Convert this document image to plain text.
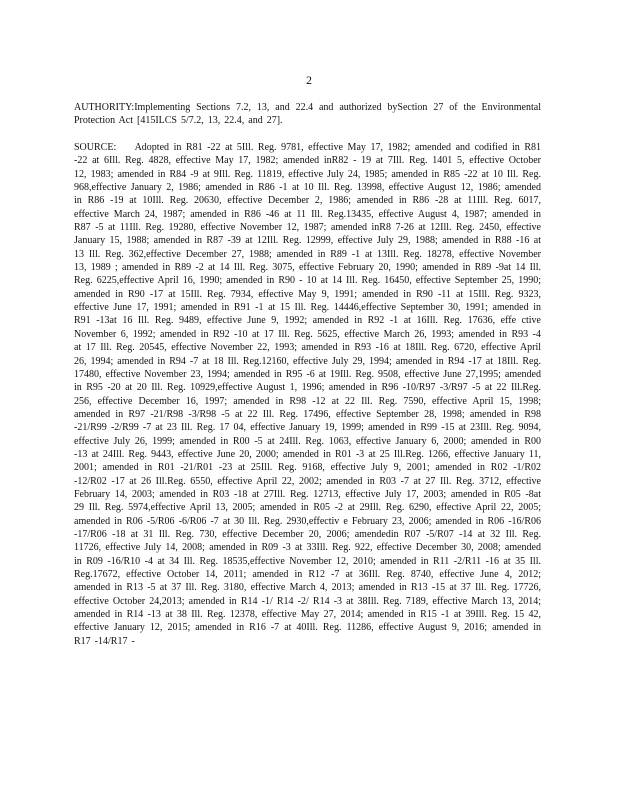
2
AUTHORITY:Implementing Sections 7.2, 13, and 22.4 and authorized bySection 27 of the Environmental Protection Act [415ILCS 5/7.2, 13, 22.4, and 27].
SOURCE: Adopted in R81 -22 at 5Ill. Reg. 9781, effective May 17, 1982; amended and codified in R81 -22 at 6Ill. Reg. 4828, effective May 17, 1982; amended inR82 - 19 at 7Ill. Reg. 1401 5, effective October 12, 1983; amended in R84 -9 at 9Ill. Reg. 11819, effective July 24, 1985; amended in R85 -22 at 10 Ill. Reg. 968,effective January 2, 1986; amended in R86 -1 at 10 Ill. Reg. 13998, effective August 12, 1986; amended in R86 -19 at 10Ill. Reg. 20630, effective December 2, 1986; amended in R86 -28 at 11Ill. Reg. 6017, effective March 24, 1987; amended in R86 -46 at 11 Ill. Reg.13435, effective August 4, 1987; amended in R87 -5 at 11Ill. Reg. 19280, effective November 12, 1987; amended inR8 7-26 at 12Ill. Reg. 2450, effective January 15, 1988; amended in R87 -39 at 12Ill. Reg. 12999, effective July 29, 1988; amended in R88 -16 at 13 Ill. Reg. 362,effective December 27, 1988; amended in R89 -1 at 13Ill. Reg. 18278, effective November 13, 1989 ; amended in R89 -2 at 14 Ill. Reg. 3075, effective February 20, 1990; amended in R89 -9at 14 Ill. Reg. 6225,effective April 16, 1990; amended in R90 - 10 at 14 Ill. Reg. 16450, effective September 25, 1990; amended in R90 -17 at 15Ill. Reg. 7934, effective May 9, 1991; amended in R90 -11 at 15Ill. Reg. 9323, effective June 17, 1991; amended in R91 -1 at 15 Ill. Reg. 14446,effective September 30, 1991; amended in R91 -13at 16 Ill. Reg. 9489, effective June 9, 1992; amended in R92 -1 at 16Ill. Reg. 17636, effe ctive November 6, 1992; amended in R92 -10 at 17 Ill. Reg. 5625, effective March 26, 1993; amended in R93 -4 at 17 Ill. Reg. 20545, effective November 22, 1993; amended in R93 -16 at 18Ill. Reg. 6720, effective April 26, 1994; amended in R94 -7 at 18 Ill. Reg.12160, effective July 29, 1994; amended in R94 -17 at 18Ill. Reg. 17480, effective November 23, 1994; amended in R95 -6 at 19Ill. Reg. 9508, effective June 27,1995; amended in R95 -20 at 20 Ill. Reg. 10929,effective August 1, 1996; amended in R96 -10/R97 -3/R97 -5 at 22 Ill.Reg. 256, effective December 16, 1997; amended in R98 -12 at 22 Ill. Reg. 7590, effective April 15, 1998; amended in R97 -21/R98 -3/R98 -5 at 22 Ill. Reg. 17496, effective September 28, 1998; amended in R98 -21/R99 -2/R99 -7 at 23 Ill. Reg. 17 04, effective January 19, 1999; amended in R99 -15 at 23Ill. Reg. 9094, effective July 26, 1999; amended in R00 -5 at 24Ill. Reg. 1063, effective January 6, 2000; amended in R00 -13 at 24Ill. Reg. 9443, effective June 20, 2000; amended in R01 -3 at 25 Ill.Reg. 1266, effective January 11, 2001; amended in R01 -21/R01 -23 at 25Ill. Reg. 9168, effective July 9, 2001; amended in R02 -1/R02 -12/R02 -17 at 26 Ill.Reg. 6550, effective April 22, 2002; amended in R03 -7 at 27 Ill. Reg. 3712, effective February 14, 2003; amended in R03 -18 at 27Ill. Reg. 12713, effective July 17, 2003; amended in R05 -8at 29 Ill. Reg. 5974,effective April 13, 2005; amended in R05 -2 at 29Ill. Reg. 6290, effective April 22, 2005; amended in R06 -5/R06 -6/R06 -7 at 30 Ill. Reg. 2930,effectiv e February 23, 2006; amended in R06 -16/R06 -17/R06 -18 at 31 Ill. Reg. 730, effective December 20, 2006; amendedin R07 -5/R07 -14 at 32 Ill. Reg. 11726, effective July 14, 2008; amended in R09 -3 at 33Ill. Reg. 922, effective December 30, 2008; amended in R09 -16/R10 -4 at 34 Ill. Reg. 18535,effective November 12, 2010; amended in R11 -2/R11 -16 at 35 Ill. Reg.17672, effective October 14, 2011; amended in R12 -7 at 36Ill. Reg. 8740, effective June 4, 2012; amended in R13 -5 at 37 Ill. Reg. 3180, effective March 4, 2013; amended in R13 -15 at 37 Ill. Reg. 17726, effective October 24,2013; amended in R14 -1/ R14 -2/ R14 -3 at 38Ill. Reg. 7189, effective March 13, 2014; amended in R14 -13 at 38 Ill. Reg. 12378, effective May 27, 2014; amended in R15 -1 at 39Ill. Reg. 15 42, effective January 12, 2015; amended in R16 -7 at 40Ill. Reg. 11286, effective August 9, 2016; amended in R17 -14/R17 -
